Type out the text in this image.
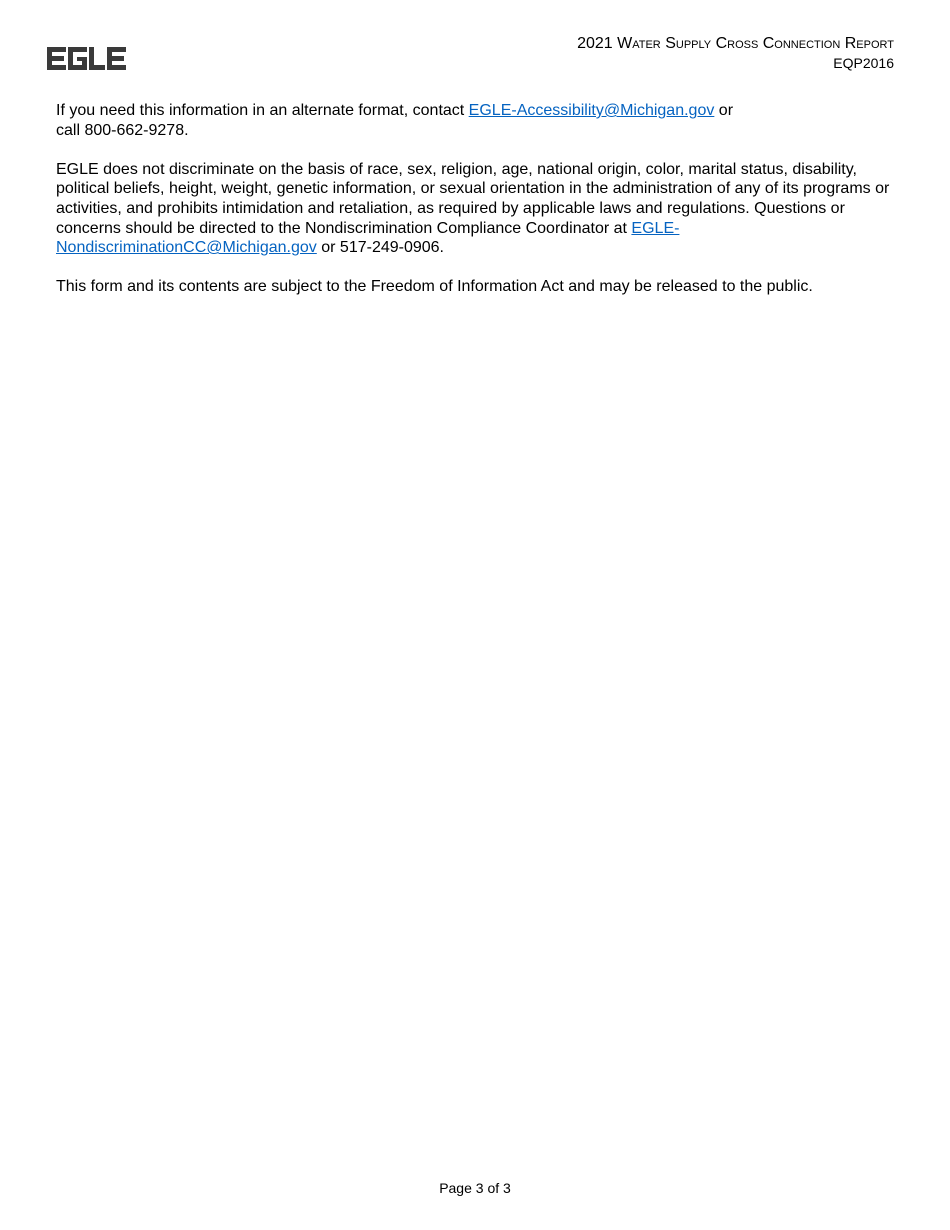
2021 Water Supply Cross Connection Report
EQP2016

If you need this information in an alternate format, contact EGLE-Accessibility@Michigan.gov or
call 800-662-9278.

EGLE does not discriminate on the basis of race, sex, religion, age, national origin, color, marital status, disability, political beliefs, height, weight, genetic information, or sexual orientation in the administration of any of its programs or activities, and prohibits intimidation and retaliation, as required by applicable laws and regulations. Questions or concerns should be directed to the Nondiscrimination Compliance Coordinator at EGLE-NondiscriminationCC@Michigan.gov or 517-249-0906.

This form and its contents are subject to the Freedom of Information Act and may be released to the public.

Page 3 of 3
